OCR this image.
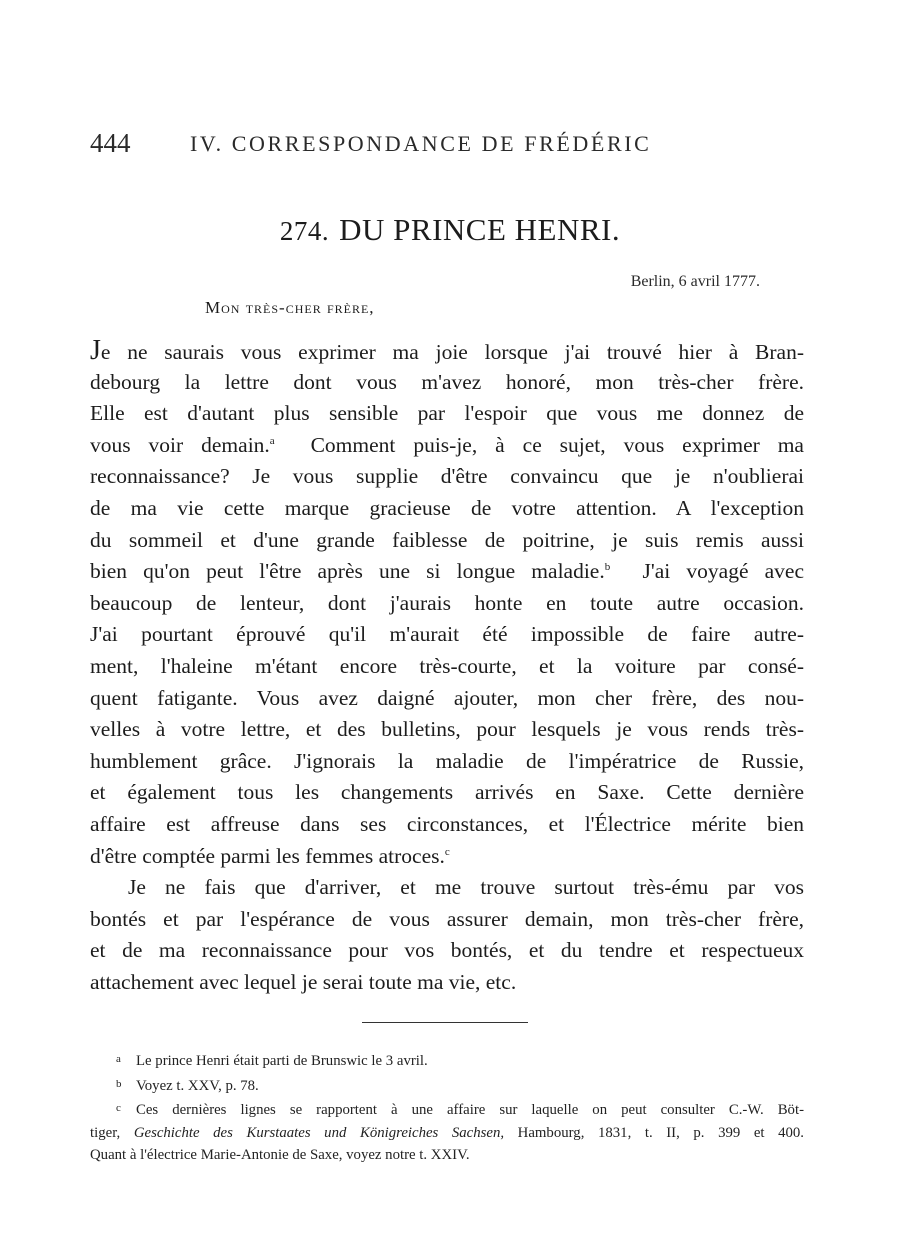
444	IV. CORRESPONDANCE DE FRÉDÉRIC
274. DU PRINCE HENRI.
Berlin, 6 avril 1777.
Mon très-cher frère,
Je ne saurais vous exprimer ma joie lorsque j'ai trouvé hier à Bran-
debourg la lettre dont vous m'avez honoré, mon très-cher frère.
Elle est d'autant plus sensible par l'espoir que vous me donnez de
vous voir demain.$^a$ Comment puis-je, à ce sujet, vous exprimer ma
reconnaissance? Je vous supplie d'être convaincu que je n'oublierai
de ma vie cette marque gracieuse de votre attention. A l'exception
du sommeil et d'une grande faiblesse de poitrine, je suis remis aussi
bien qu'on peut l'être après une si longue maladie.$^b$ J'ai voyagé avec
beaucoup de lenteur, dont j'aurais honte en toute autre occasion.
J'ai pourtant éprouvé qu'il m'aurait été impossible de faire autre-
ment, l'haleine m'étant encore très-courte, et la voiture par consé-
quent fatigante. Vous avez daigné ajouter, mon cher frère, des nou-
velles à votre lettre, et des bulletins, pour lesquels je vous rends très-
humblement grâce. J'ignorais la maladie de l'impératrice de Russie,
et également tous les changements arrivés en Saxe. Cette dernière
affaire est affreuse dans ses circonstances, et l'Électrice mérite bien
d'être comptée parmi les femmes atroces.$^c$
Je ne fais que d'arriver, et me trouve surtout très-ému par vos
bontés et par l'espérance de vous assurer demain, mon très-cher frère,
et de ma reconnaissance pour vos bontés, et du tendre et respectueux
attachement avec lequel je serai toute ma vie, etc.
a Le prince Henri était parti de Brunswic le 3 avril.
b Voyez t. XXV, p. 78.
c Ces dernières lignes se rapportent à une affaire sur laquelle on peut consulter C.-W. Böt-
tiger, Geschichte des Kurstaates und Königreiches Sachsen, Hambourg, 1831, t. II, p. 399 et 400.
Quant à l'électrice Marie-Antonie de Saxe, voyez notre t. XXIV.
